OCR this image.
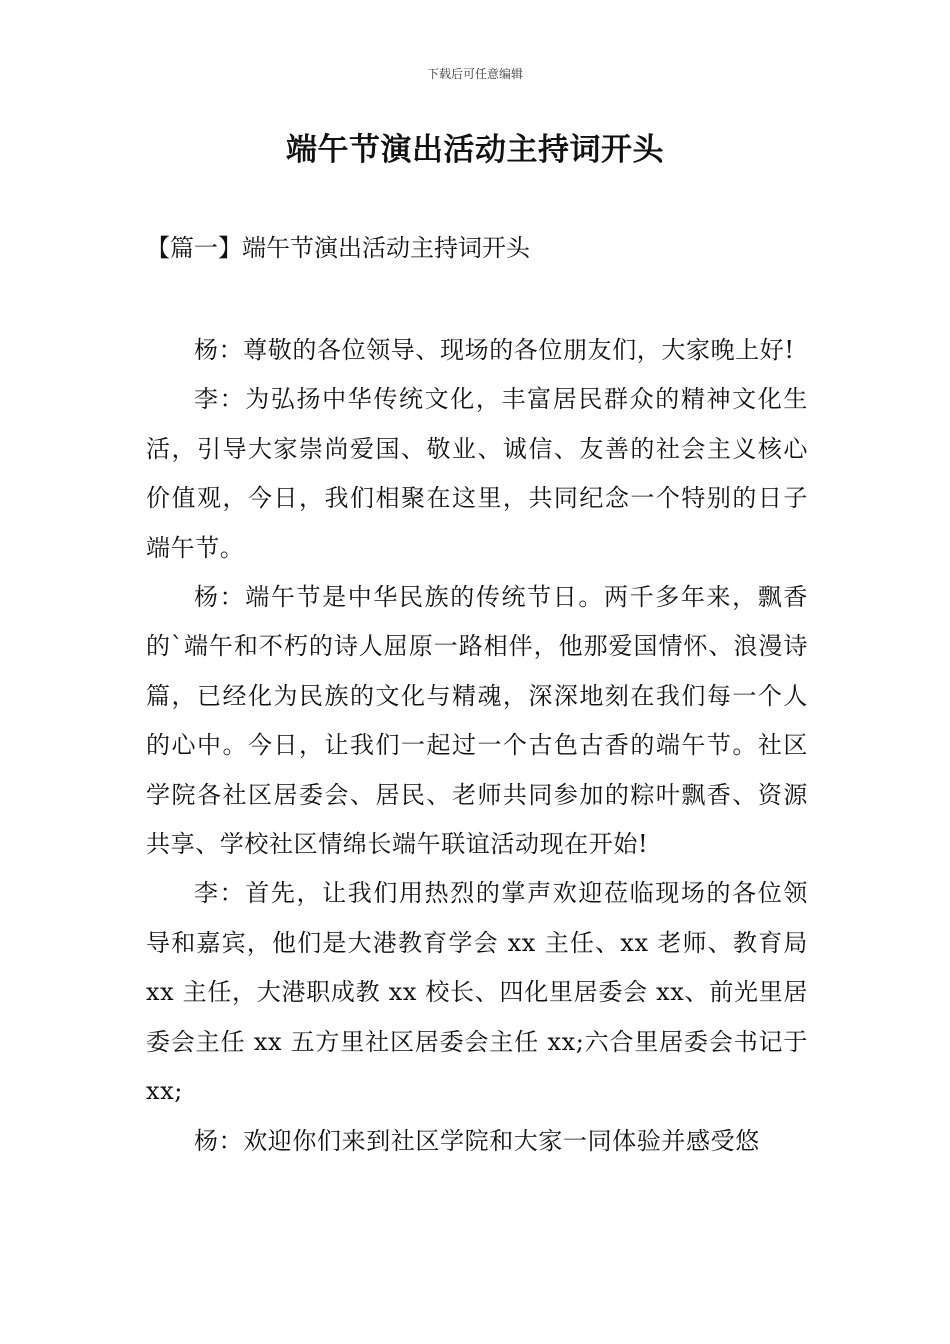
下载后可任意编辑
端午节演出活动主持词开头
【篇一】端午节演出活动主持词开头

杨：尊敬的各位领导、现场的各位朋友们，大家晚上好!

李：为弘扬中华传统文化，丰富居民群众的精神文化生活，引导大家崇尚爱国、敬业、诚信、友善的社会主义核心价值观，今日，我们相聚在这里，共同纪念一个特别的日子端午节。

杨：端午节是中华民族的传统节日。两千多年来，飘香的`端午和不朽的诗人屈原一路相伴，他那爱国情怀、浪漫诗篇，已经化为民族的文化与精魂，深深地刻在我们每一个人的心中。今日，让我们一起过一个古色古香的端午节。社区学院各社区居委会、居民、老师共同参加的粽叶飘香、资源共享、学校社区情绵长端午联谊活动现在开始!

李：首先，让我们用热烈的掌声欢迎莅临现场的各位领导和嘉宾，他们是大港教育学会 xx 主任、xx 老师、教育局 xx 主任，大港职成教 xx 校长、四化里居委会 xx、前光里居委会主任 xx 五方里社区居委会主任 xx;六合里居委会书记于 xx;

杨：欢迎你们来到社区学院和大家一同体验并感受悠
